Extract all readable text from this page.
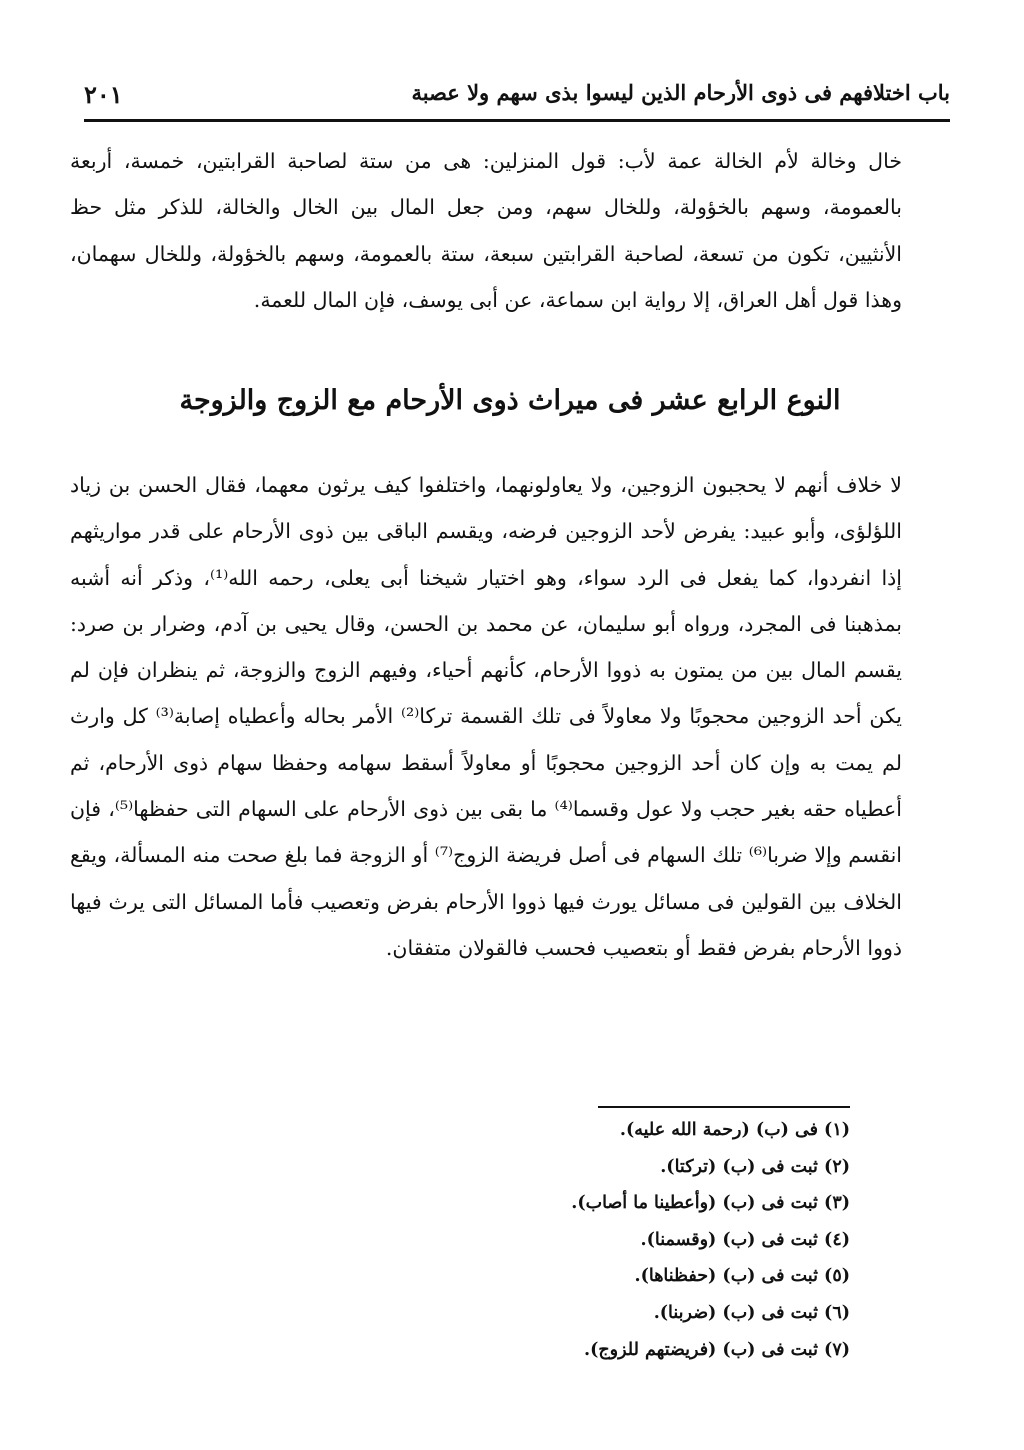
باب اختلافهم فى ذوى الأرحام الذين ليسوا بذى سهم ولا عصبة
٢٠١

خال وخالة لأم الخالة عمة لأب: قول المنزلين: هى من ستة لصاحبة القرابتين، خمسة، أربعة بالعمومة، وسهم بالخؤولة، وللخال سهم، ومن جعل المال بين الخال والخالة، للذكر مثل حظ الأنثيين، تكون من تسعة، لصاحبة القرابتين سبعة، ستة بالعمومة، وسهم بالخؤولة، وللخال سهمان، وهذا قول أهل العراق، إلا رواية ابن سماعة، عن أبى يوسف، فإن المال للعمة.

النوع الرابع عشر فى ميراث ذوى الأرحام مع الزوج والزوجة

لا خلاف أنهم لا يحجبون الزوجين، ولا يعاولونهما، واختلفوا كيف يرثون معهما، فقال الحسن بن زياد اللؤلؤى، وأبو عبيد: يفرض لأحد الزوجين فرضه، ويقسم الباقى بين ذوى الأرحام على قدر مواريثهم إذا انفردوا، كما يفعل فى الرد سواء، وهو اختيار شيخنا أبى يعلى، رحمه الله⁽¹⁾، وذكر أنه أشبه بمذهبنا فى المجرد، ورواه أبو سليمان، عن محمد بن الحسن، وقال يحيى بن آدم، وضرار بن صرد: يقسم المال بين من يمتون به ذووا الأرحام، كأنهم أحياء، وفيهم الزوج والزوجة، ثم ينظران فإن لم يكن أحد الزوجين محجوبًا ولا معاولاً فى تلك القسمة تركا⁽²⁾ الأمر بحاله وأعطياه إصابة⁽³⁾ كل وارث لم يمت به وإن كان أحد الزوجين محجوبًا أو معاولاً أسقط سهامه وحفظا سهام ذوى الأرحام، ثم أعطياه حقه بغير حجب ولا عول وقسما⁽⁴⁾ ما بقى بين ذوى الأرحام على السهام التى حفظها⁽⁵⁾، فإن انقسم وإلا ضربا⁽⁶⁾ تلك السهام فى أصل فريضة الزوج⁽⁷⁾ أو الزوجة فما بلغ صحت منه المسألة، ويقع الخلاف بين القولين فى مسائل يورث فيها ذووا الأرحام بفرض وتعصيب فأما المسائل التى يرث فيها ذووا الأرحام بفرض فقط أو بتعصيب فحسب فالقولان متفقان.

(١) فى (ب) (رحمة الله عليه).
(٢) ثبت فى (ب) (تركتا).
(٣) ثبت فى (ب) (وأعطينا ما أصاب).
(٤) ثبت فى (ب) (وقسمنا).
(٥) ثبت فى (ب) (حفظناها).
(٦) ثبت فى (ب) (ضربنا).
(٧) ثبت فى (ب) (فريضتهم للزوج).
